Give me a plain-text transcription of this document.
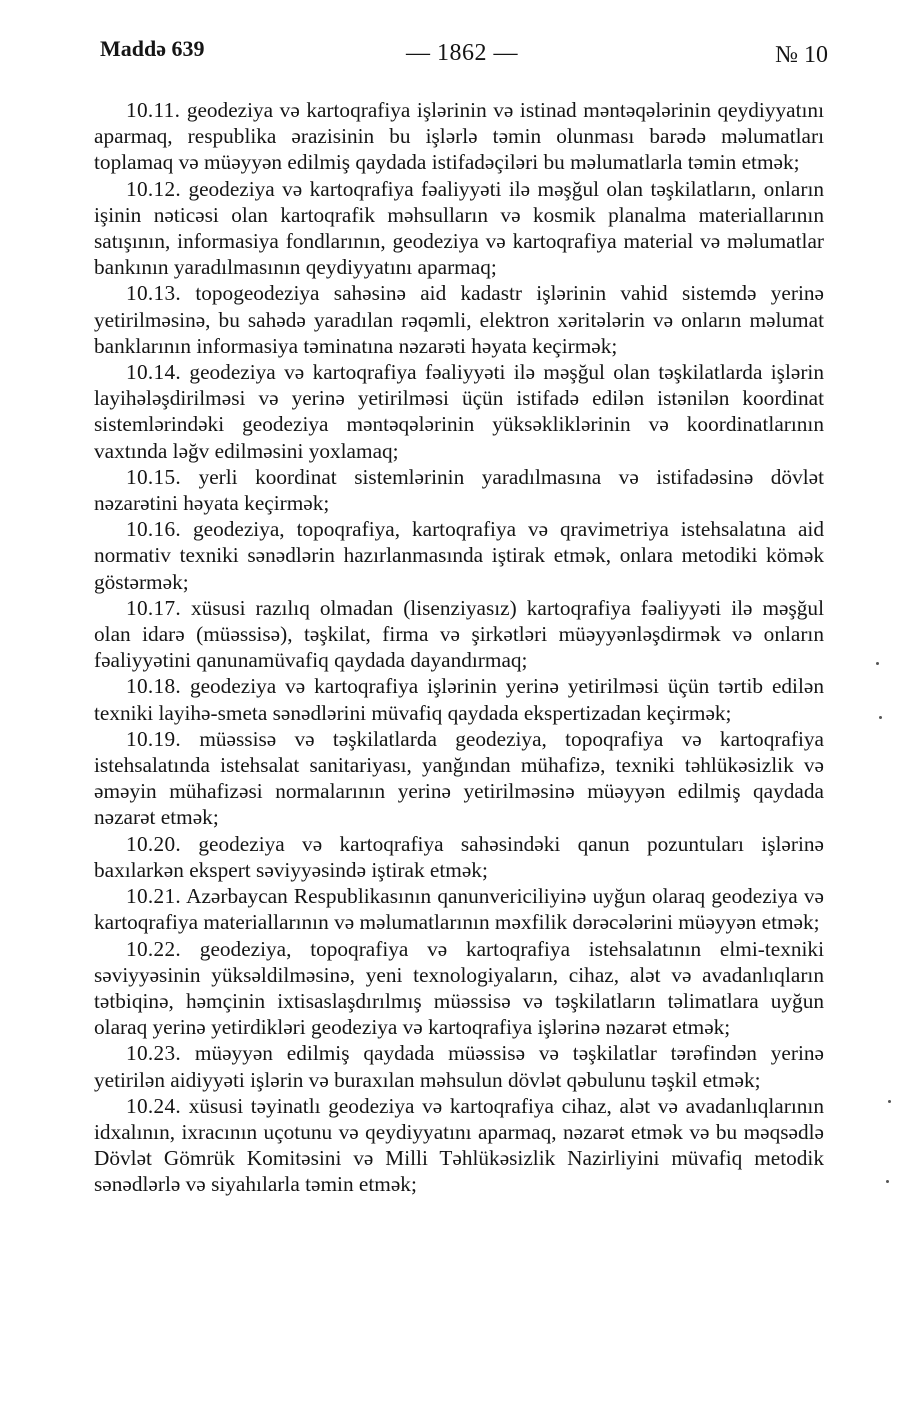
Maddə 639	— 1862 —	№ 10

10.11. geodeziya və kartoqrafiya işlərinin və istinad məntəqələrinin qeydiyyatını aparmaq, respublika ərazisinin bu işlərlə təmin olunması barədə məlumatları toplamaq və müəyyən edilmiş qaydada istifadəçiləri bu məlumatlarla təmin etmək;

10.12. geodeziya və kartoqrafiya fəaliyyəti ilə məşğul olan təşkilatların, onların işinin nəticəsi olan kartoqrafik məhsulların və kosmik planalma materiallarının satışının, informasiya fondlarının, geodeziya və kartoqrafiya material və məlumatlar bankının yaradılmasının qeydiyyatını aparmaq;

10.13. topogeodeziya sahəsinə aid kadastr işlərinin vahid sistemdə yerinə yetirilməsinə, bu sahədə yaradılan rəqəmli, elektron xəritələrin və onların məlumat banklarının informasiya təminatına nəzarəti həyata keçirmək;

10.14. geodeziya və kartoqrafiya fəaliyyəti ilə məşğul olan təşkilatlarda işlərin layihələşdirilməsi və yerinə yetirilməsi üçün istifadə edilən istənilən koordinat sistemlərindəki geodeziya məntəqələrinin yüksəkliklərinin və koordinatlarının vaxtında ləğv edilməsini yoxlamaq;

10.15. yerli koordinat sistemlərinin yaradılmasına və istifadəsinə dövlət nəzarətini həyata keçirmək;

10.16. geodeziya, topoqrafiya, kartoqrafiya və qravimetriya istehsalatına aid normativ texniki sənədlərin hazırlanmasında iştirak etmək, onlara metodiki kömək göstərmək;

10.17. xüsusi razılıq olmadan (lisenziyasız) kartoqrafiya fəaliyyəti ilə məşğul olan idarə (müəssisə), təşkilat, firma və şirkətləri müəyyənləşdirmək və onların fəaliyyətini qanunamüvafiq qaydada dayandırmaq;

10.18. geodeziya və kartoqrafiya işlərinin yerinə yetirilməsi üçün tərtib edilən texniki layihə-smeta sənədlərini müvafiq qaydada ekspertizadan keçirmək;

10.19. müəssisə və təşkilatlarda geodeziya, topoqrafiya və kartoqrafiya istehsalatında istehsalat sanitariyası, yanğından mühafizə, texniki təhlükəsizlik və əməyin mühafizəsi normalarının yerinə yetirilməsinə müəyyən edilmiş qaydada nəzarət etmək;

10.20. geodeziya və kartoqrafiya sahəsindəki qanun pozuntuları işlərinə baxılarkən ekspert səviyyəsində iştirak etmək;

10.21. Azərbaycan Respublikasının qanunvericiliyinə uyğun olaraq geodeziya və kartoqrafiya materiallarının və məlumatlarının məxfilik dərəcələrini müəyyən etmək;

10.22. geodeziya, topoqrafiya və kartoqrafiya istehsalatının elmi-texniki səviyyəsinin yüksəldilməsinə, yeni texnologiyaların, cihaz, alət və avadanlıqların tətbiqinə, həmçinin ixtisaslaşdırılmış müəssisə və təşkilatların təlimatlara uyğun olaraq yerinə yetirdikləri geodeziya və kartoqrafiya işlərinə nəzarət etmək;

10.23. müəyyən edilmiş qaydada müəssisə və təşkilatlar tərəfindən yerinə yetirilən aidiyyəti işlərin və buraxılan məhsulun dövlət qəbulunu təşkil etmək;

10.24. xüsusi təyinatlı geodeziya və kartoqrafiya cihaz, alət və avadanlıqlarının idxalının, ixracının uçotunu və qeydiyyatını aparmaq, nəzarət etmək və bu məqsədlə Dövlət Gömrük Komitəsini və Milli Təhlükəsizlik Nazirliyini müvafiq metodik sənədlərlə və siyahılarla təmin etmək;
